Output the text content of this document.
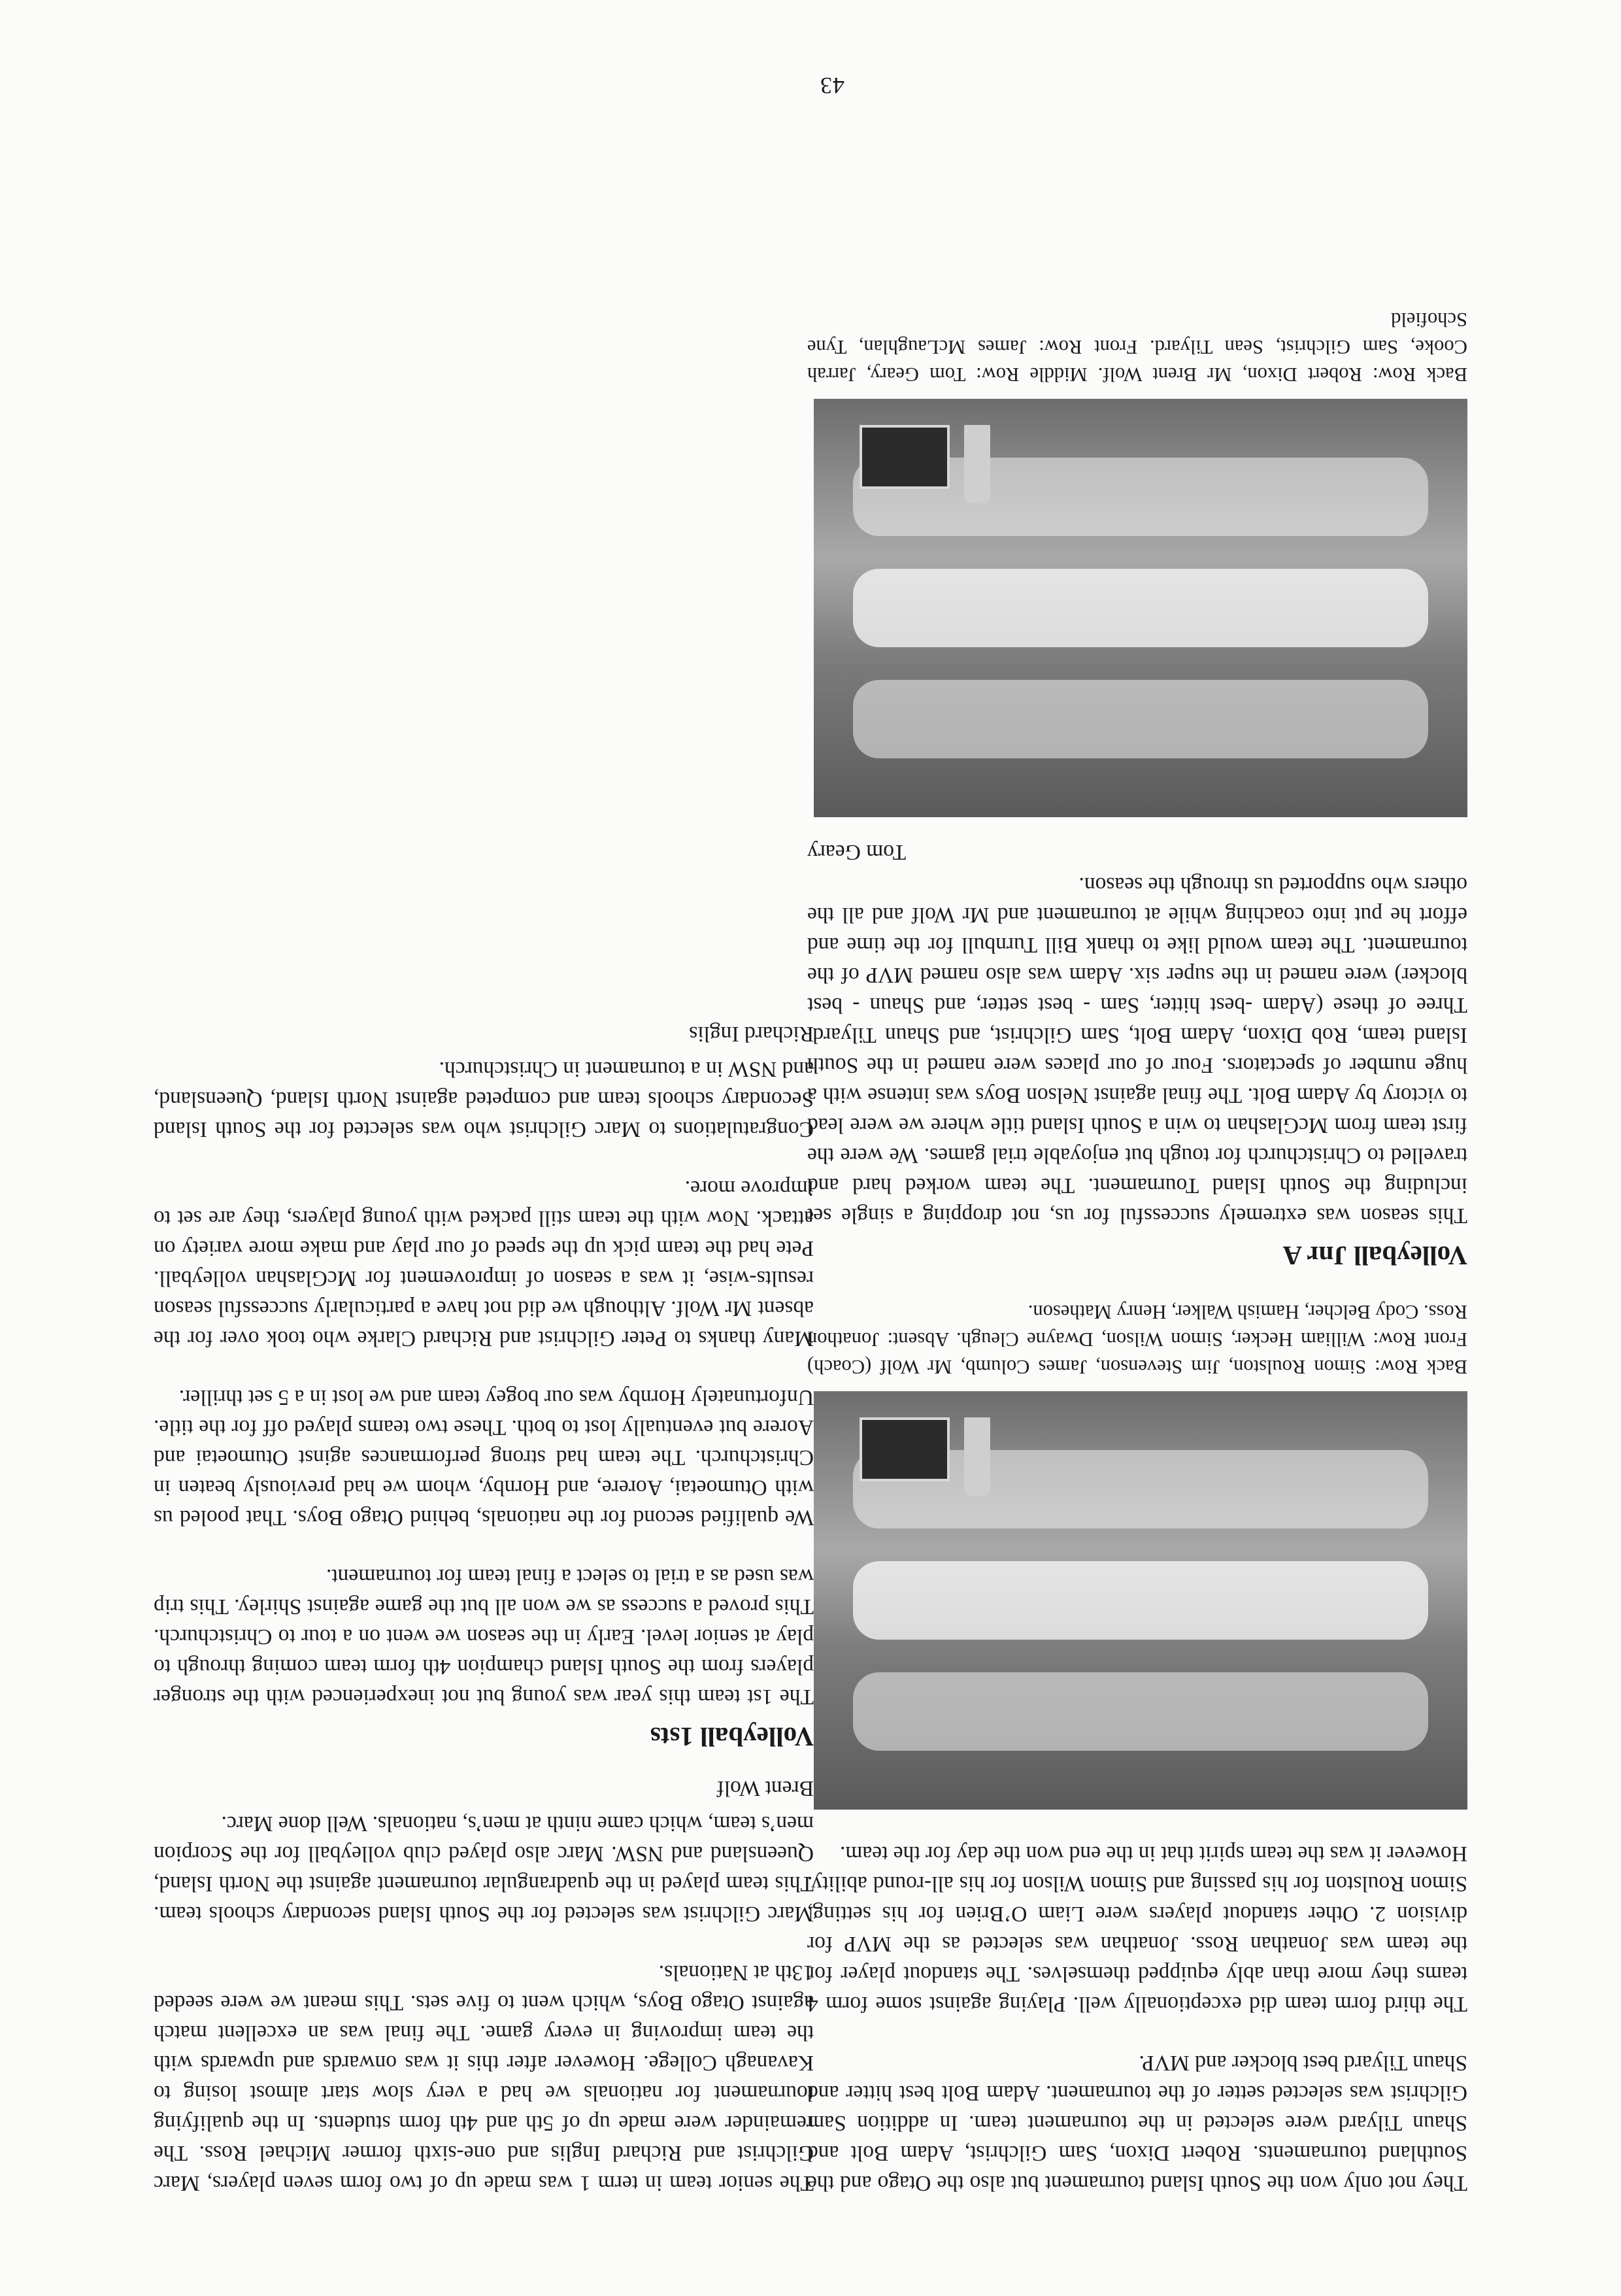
They not only won the South Island tournament but also the Otago and the Southland tournaments. Robert Dixon, Sam Gilchrist, Adam Bolt and Shaun Tilyard were selected in the tournament team. In addition Sam Gilchrist was selected setter of the tournament. Adam Bolt best hitter and Shaun Tilyard best blocker and MVP.

The third form team did exceptionally well. Playing against some form 4 teams they more than ably equipped themselves. The standout player for the team was Jonathan Ross. Jonathan was selected as the MVP for division 2. Other standout players were Liam O’Brien for his setting, Simon Roulston for his passing and Simon Wilson for his all-round ability. However it was the team spirit that in the end won the day for the team.

Back Row: Simon Roulston, Jim Stevenson, James Columb, Mr Wolf (Coach) Front Row: William Hecker, Simon Wilson, Dwayne Cleugh. Absent: Jonathon Ross. Cody Belcher, Hamish Walker, Henry Matheson.

Volleyball Jnr A

This season was extremely successful for us, not dropping a single set including the South Island Tournament. The team worked hard and travelled to Christchurch for tough but enjoyable trial games. We were the first team from McGlashan to win a South Island title where we were lead to victory by Adam Bolt. The final against Nelson Boys was intense with a huge number of spectators. Four of our places were named in the South Island team, Rob Dixon, Adam Bolt, Sam Gilchrist, and Shaun Tilyard. Three of these (Adam -best hitter, Sam - best setter, and Shaun - best blocker) were named in the super six. Adam was also named MVP of the tournament. The team would like to thank Bill Turnbull for the time and effort he put into coaching while at tournament and Mr Wolf and all the others who supported us through the season.

Tom Geary

Back Row: Robert Dixon, Mr Brent Wolf. Middle Row: Tom Geary, Jarrah Cooke, Sam Gilchrist, Sean Tilyard. Front Row: James McLaughlan, Tyne Schofield

The senior team in term 1 was made up of two form seven players, Marc Gilchrist and Richard Inglis and one-sixth former Michael Ross. The remainder were made up of 5th and 4th form students. In the qualifying tournament for nationals we had a very slow start almost losing to Kavanagh College. However after this it was onwards and upwards with the team improving in every game. The final was an excellent match against Otago Boys, which went to five sets. This meant we were seeded 13th at Nationals.

Marc Gilchrist was selected for the South Island secondary schools team. This team played in the quadrangular tournament against the North Island, Queensland and NSW. Marc also played club volleyball for the Scorpion men’s team, which came ninth at men’s, nationals. Well done Marc.

Brent Wolf
Volleyball 1sts

The 1st team this year was young but not inexperienced with the stronger players from the South Island champion 4th form team coming through to play at senior level. Early in the season we went on a tour to Christchurch. This proved a success as we won all but the game against Shirley. This trip was used as a trial to select a final team for tournament.

We qualified second for the nationals, behind Otago Boys. That pooled us with Otumoetai, Aorere, and Hornby, whom we had previously beaten in Christchurch. The team had strong performances aginst Otumoetai and Aorere but eventually lost to both. These two teams played off for the title. Unfortunately Hornby was our bogey team and we lost in a 5 set thriller.

Many thanks to Peter Gilchrist and Richard Clarke who took over for the absent Mr Wolf. Although we did not have a particularly successful season results-wise, it was a season of improvement for McGlashan volleyball. Pete had the team pick up the speed of our play and make more variety on attack. Now with the team still packed with young players, they are set to improve more.

Congratulations to Marc Gilchrist who was selected for the South Island Secondary schools team and competed against North Island, Queensland, and NSW in a tournament in Christchurch.

Richard Inglis
43
